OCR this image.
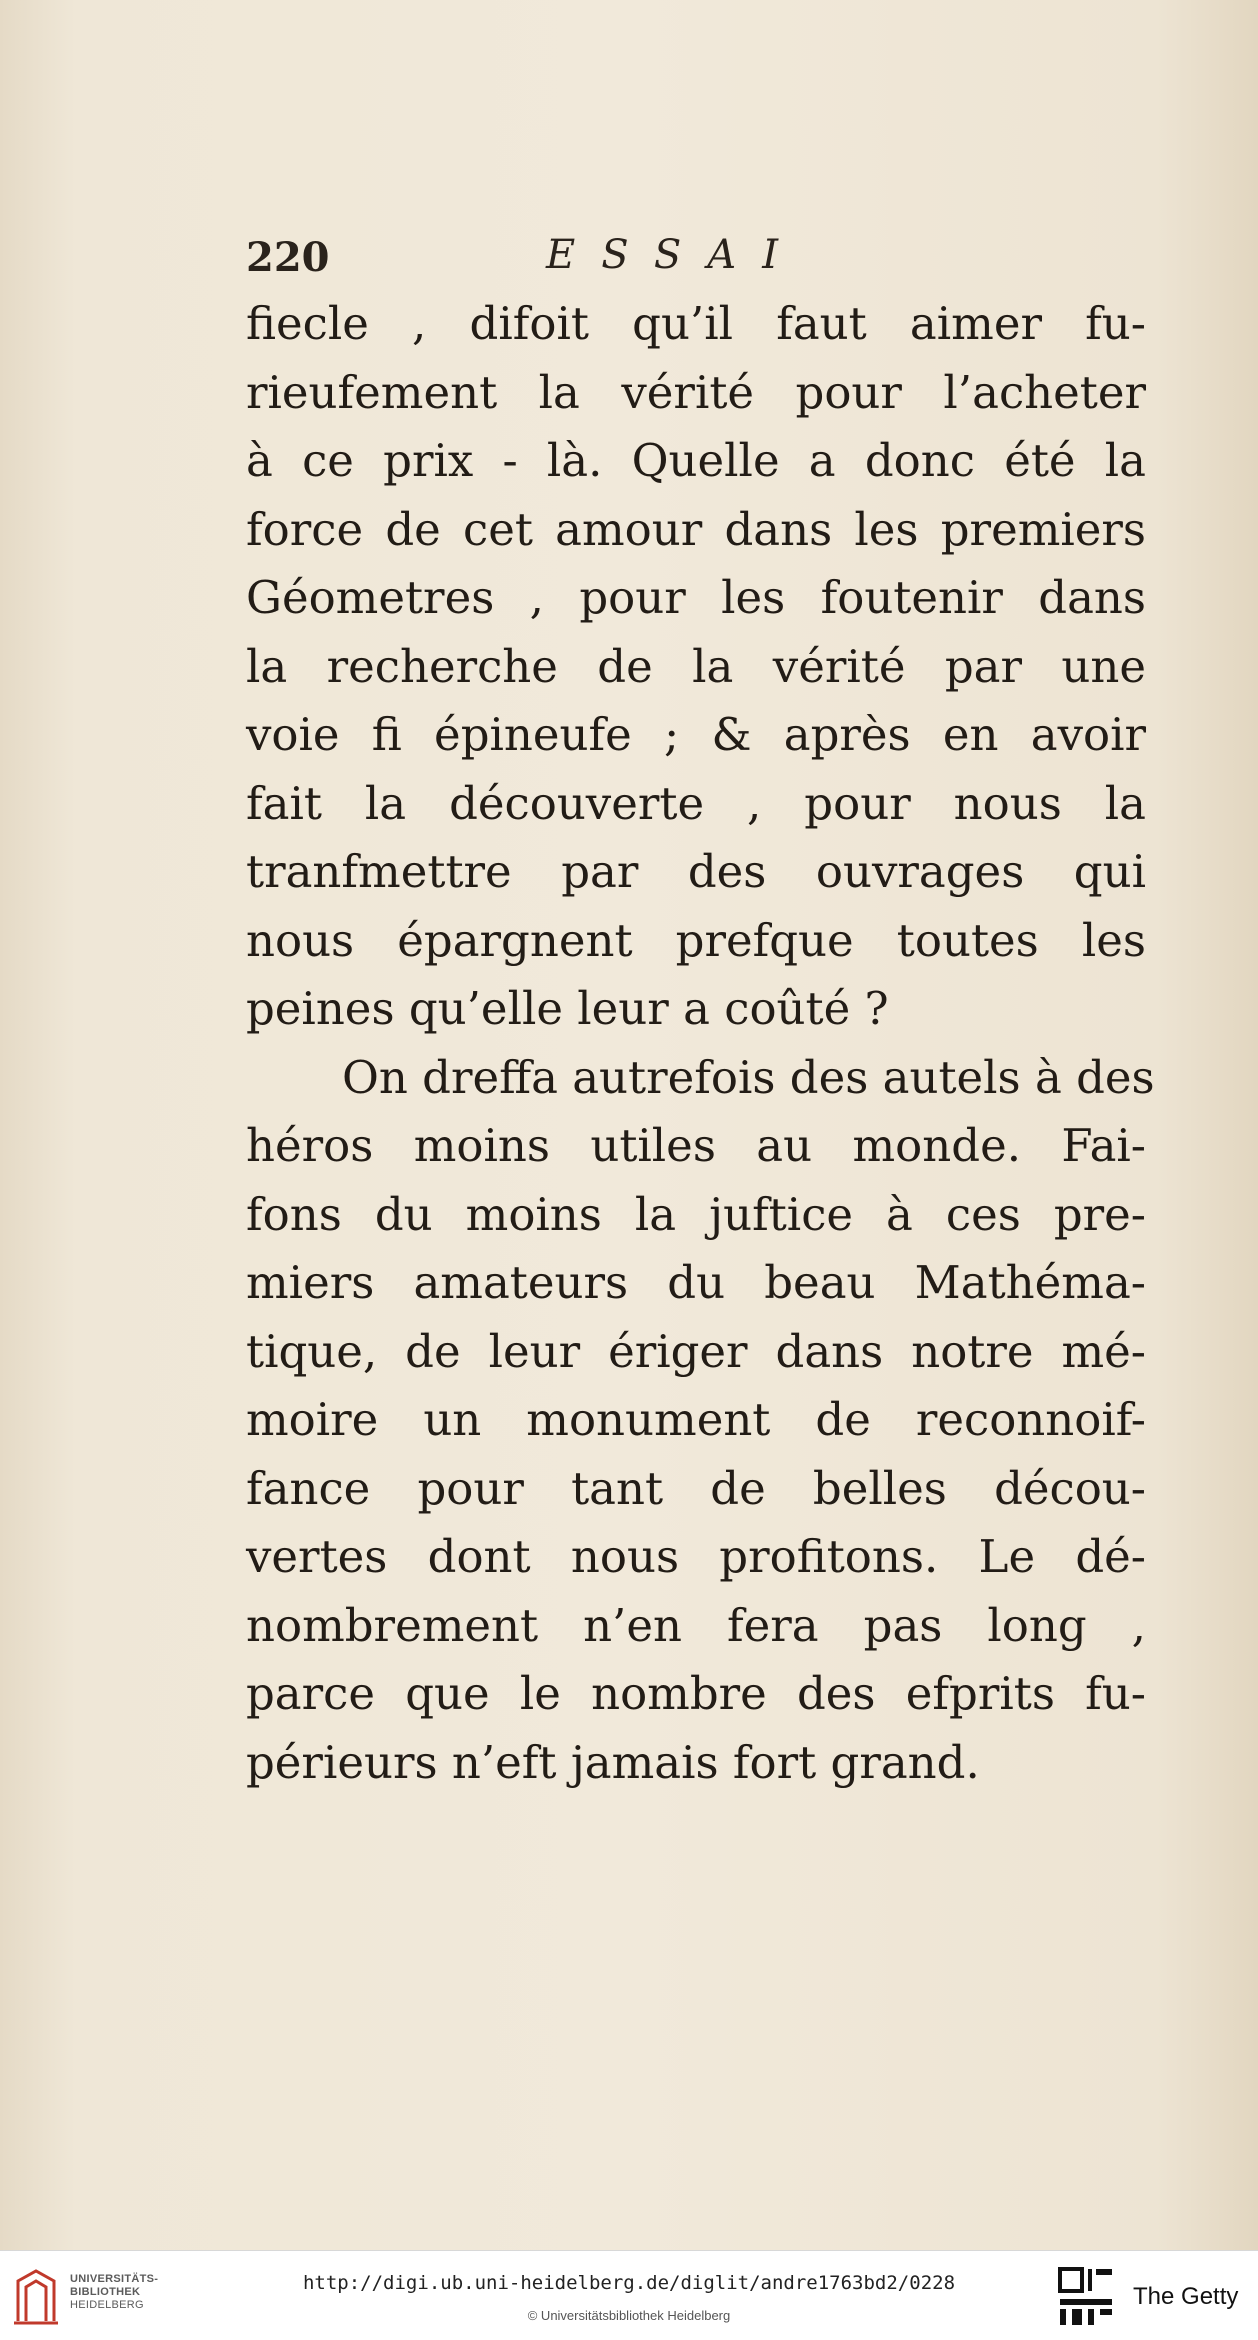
220	ESSAI
fiecle , difoit qu’il faut aimer fu-
rieufement la vérité pour l’acheter
à ce prix - là. Quelle a donc été la
force de cet amour dans les premiers
Géometres , pour les foutenir dans
la recherche de la vérité par une
voie fi épineufe ; & après en avoir
fait la découverte , pour nous la
tranfmettre par des ouvrages qui
nous épargnent prefque toutes les
peines qu’elle leur a coûté ?
On dreffa autrefois des autels à des
héros moins utiles au monde. Fai-
fons du moins la juftice à ces pre-
miers amateurs du beau Mathéma-
tique, de leur ériger dans notre mé-
moire un monument de reconnoif-
fance pour tant de belles décou-
vertes dont nous profitons. Le dé-
nombrement n’en fera pas long ,
parce que le nombre des efprits fu-
périeurs n’eft jamais fort grand.
UNIVERSITÄTS-
BIBLIOTHEK
HEIDELBERG
http://digi.ub.uni-heidelberg.de/diglit/andre1763bd2/0228
© Universitätsbibliothek Heidelberg
The Getty
